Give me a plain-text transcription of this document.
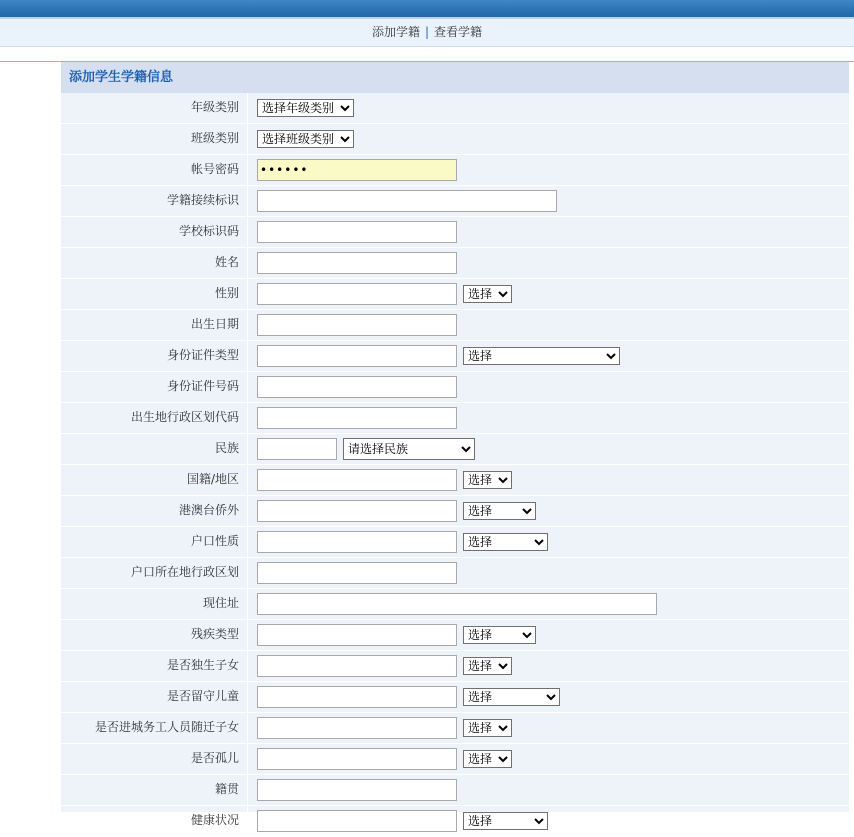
添加学籍 | 查看学籍
添加学生学籍信息
年级类别
选择年级类别
班级类别
选择班级类别
帐号密码
学籍接续标识
学校标识码
姓名
性别
选择
出生日期
身份证件类型
选择
身份证件号码
出生地行政区划代码
民族
请选择民族
国籍/地区
选择
港澳台侨外
选择
户口性质
选择
户口所在地行政区划
现住址
残疾类型
选择
是否独生子女
选择
是否留守儿童
选择
是否进城务工人员随迁子女
选择
是否孤儿
选择
籍贯
健康状况
选择
